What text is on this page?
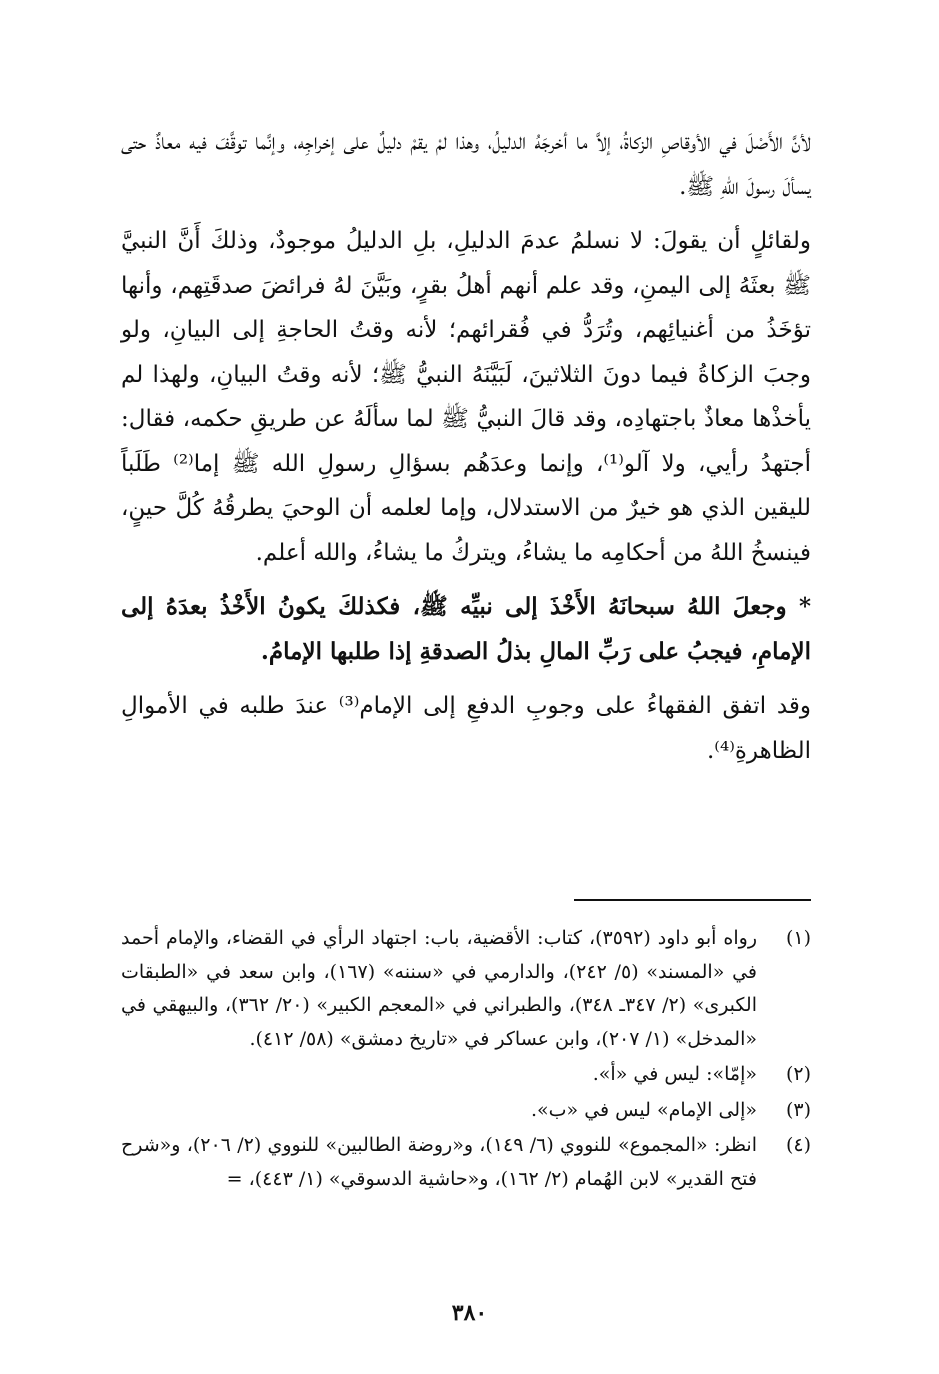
لأنَّ الأَصْلَ في الأوقاصِ الزكاةُ، إلاَّ ما أخرجَهُ الدليلُ، وهذا لمْ يقمْ دليلٌ على إخراجِه، وإنَّما توقَّفَ فيه معاذٌ حتى يسألَ رسولَ اللهِ ﷺ.

ولقائلٍ أن يقولَ: لا نسلمُ عدمَ الدليلِ، بلِ الدليلُ موجودٌ، وذلكَ أَنَّ النبيَّ ﷺ بعثَهُ إلى اليمنِ، وقد علم أنهم أهلُ بقرٍ، وبَيَّنَ لهُ فرائضَ صدقَتِهم، وأنها تؤخَذُ من أغنيائِهم، وتُرَدُّ في فُقرائهم؛ لأنه وقتُ الحاجةِ إلى البيانِ، ولو وجبَ الزكاةُ فيما دونَ الثلاثينَ، لَبَيَّنَهُ النبيُّ ﷺ؛ لأنه وقتُ البيانِ، ولهذا لم يأخذْها معاذٌ باجتهادِه، وقد قالَ النبيُّ ﷺ لما سألَهُ عن طريقِ حكمه، فقال: أجتهدُ رأيي، ولا آلو⁽¹⁾، وإنما وعدَهُم بسؤالِ رسولِ الله ﷺ إما⁽²⁾ طَلَباً لليقين الذي هو خيرٌ من الاستدلال، وإما لعلمه أن الوحيَ يطرقُهُ كُلَّ حينٍ، فينسخُ اللهُ من أحكامِه ما يشاءُ، ويتركُ ما يشاءُ، والله أعلم.

* وجعلَ اللهُ سبحانَهُ الأَخْذَ إلى نبيِّه ﷺ، فكذلكَ يكونُ الأَخْذُ بعدَهُ إلى الإمامِ، فيجبُ على رَبِّ المالِ بذلُ الصدقةِ إذا طلبها الإمامُ.

وقد اتفق الفقهاءُ على وجوبِ الدفعِ إلى الإمام⁽³⁾ عندَ طلبه في الأموالِ الظاهرةِ⁽⁴⁾.

(١)
رواه أبو داود (٣٥٩٢)، كتاب: الأقضية، باب: اجتهاد الرأي في القضاء، والإمام أحمد في «المسند» (٥/ ٢٤٢)، والدارمي في «سننه» (١٦٧)، وابن سعد في «الطبقات الكبرى» (٢/ ٣٤٧ـ ٣٤٨)، والطبراني في «المعجم الكبير» (٢٠/ ٣٦٢)، والبيهقي في «المدخل» (١/ ٢٠٧)، وابن عساكر في «تاريخ دمشق» (٥٨/ ٤١٢).
(٢)
«إمّا»: ليس في «أ».
(٣)
«إلى الإمام» ليس في «ب».
(٤)
انظر: «المجموع» للنووي (٦/ ١٤٩)، و«روضة الطالبين» للنووي (٢/ ٢٠٦)، و«شرح فتح القدير» لابن الهُمام (٢/ ١٦٢)، و«حاشية الدسوقي» (١/ ٤٤٣)، =
٣٨٠
